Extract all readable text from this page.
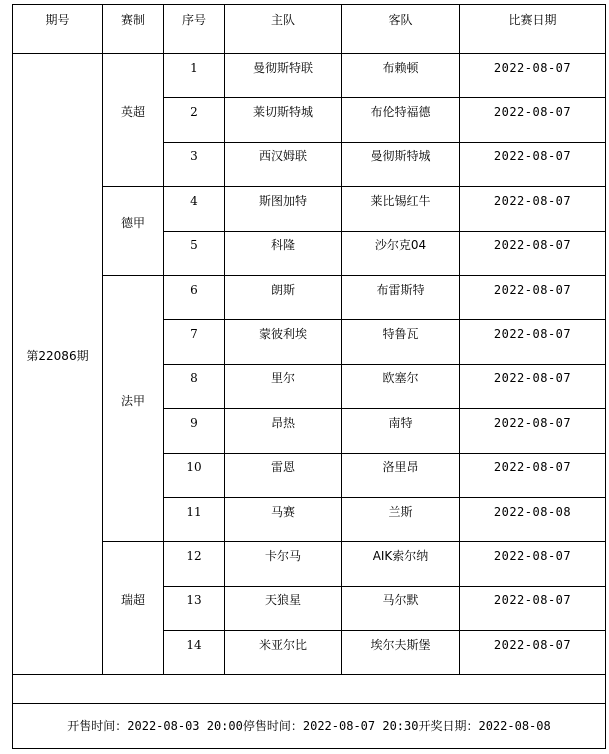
期号	赛制	序号	主队	客队	比赛日期
第22086期	英超	1	曼彻斯特联	布赖顿	2022-08-07
		2	莱切斯特城	布伦特福德	2022-08-07
		3	西汉姆联	曼彻斯特城	2022-08-07
	德甲	4	斯图加特	莱比锡红牛	2022-08-07
		5	科隆	沙尔克04	2022-08-07
	法甲	6	朗斯	布雷斯特	2022-08-07
		7	蒙彼利埃	特鲁瓦	2022-08-07
		8	里尔	欧塞尔	2022-08-07
		9	昂热	南特	2022-08-07
		10	雷恩	洛里昂	2022-08-07
		11	马赛	兰斯	2022-08-08
	瑞超	12	卡尔马	AIK索尔纳	2022-08-07
		13	天狼星	马尔默	2022-08-07
		14	米亚尔比	埃尔夫斯堡	2022-08-07

开售时间：2022-08-03 20:00停售时间：2022-08-07 20:30开奖日期：2022-08-08					
